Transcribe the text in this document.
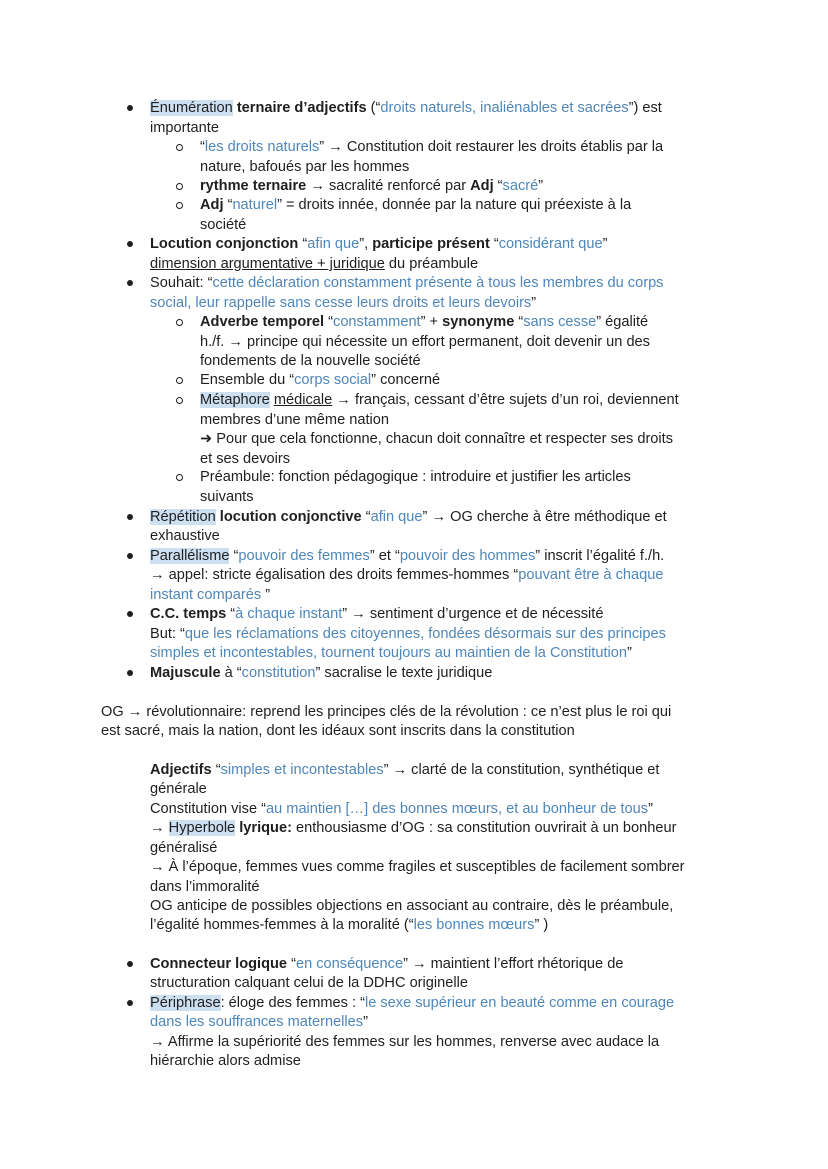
Énumération ternaire d’adjectifs (“droits naturels, inaliénables et sacrées”) est
importante
“les droits naturels” → Constitution doit restaurer les droits établis par la
nature, bafoués par les hommes
rythme ternaire → sacralité renforcé par Adj “sacré”
Adj “naturel” = droits innée, donnée par la nature qui préexiste à la
société
Locution conjonction “afin que”, participe présent “considérant que”
dimension argumentative + juridique du préambule
Souhait: “cette déclaration constamment présente à tous les membres du corps
social, leur rappelle sans cesse leurs droits et leurs devoirs”
Adverbe temporel “constamment” + synonyme “sans cesse” égalité
h./f. → principe qui nécessite un effort permanent, doit devenir un des
fondements de la nouvelle société
Ensemble du “corps social” concerné
Métaphore médicale → français, cessant d’être sujets d’un roi, deviennent
membres d’une même nation
➜ Pour que cela fonctionne, chacun doit connaître et respecter ses droits
et ses devoirs
Préambule: fonction pédagogique : introduire et justifier les articles
suivants
Répétition locution conjonctive “afin que” → OG cherche à être méthodique et
exhaustive
Parallélisme “pouvoir des femmes” et “pouvoir des hommes” inscrit l’égalité f./h.
→ appel: stricte égalisation des droits femmes-hommes “pouvant être à chaque
instant comparés ”
C.C. temps “à chaque instant” → sentiment d’urgence et de nécessité
But: “que les réclamations des citoyennes, fondées désormais sur des principes
simples et incontestables, tournent toujours au maintien de la Constitution”
Majuscule à “constitution” sacralise le texte juridique
OG → révolutionnaire: reprend les principes clés de la révolution : ce n’est plus le roi qui
est sacré, mais la nation, dont les idéaux sont inscrits dans la constitution
Adjectifs “simples et incontestables” → clarté de la constitution, synthétique et
générale
Constitution vise “au maintien […] des bonnes mœurs, et au bonheur de tous”
→ Hyperbole lyrique: enthousiasme d’OG : sa constitution ouvrirait à un bonheur
généralisé
→ À l’époque, femmes vues comme fragiles et susceptibles de facilement sombrer
dans l’immoralité
OG anticipe de possibles objections en associant au contraire, dès le préambule,
l’égalité hommes-femmes à la moralité (“les bonnes mœurs” )
Connecteur logique “en conséquence” → maintient l’effort rhétorique de
structuration calquant celui de la DDHC originelle
Périphrase: éloge des femmes : “le sexe supérieur en beauté comme en courage
dans les souffrances maternelles”
→ Affirme la supériorité des femmes sur les hommes, renverse avec audace la
hiérarchie alors admise
